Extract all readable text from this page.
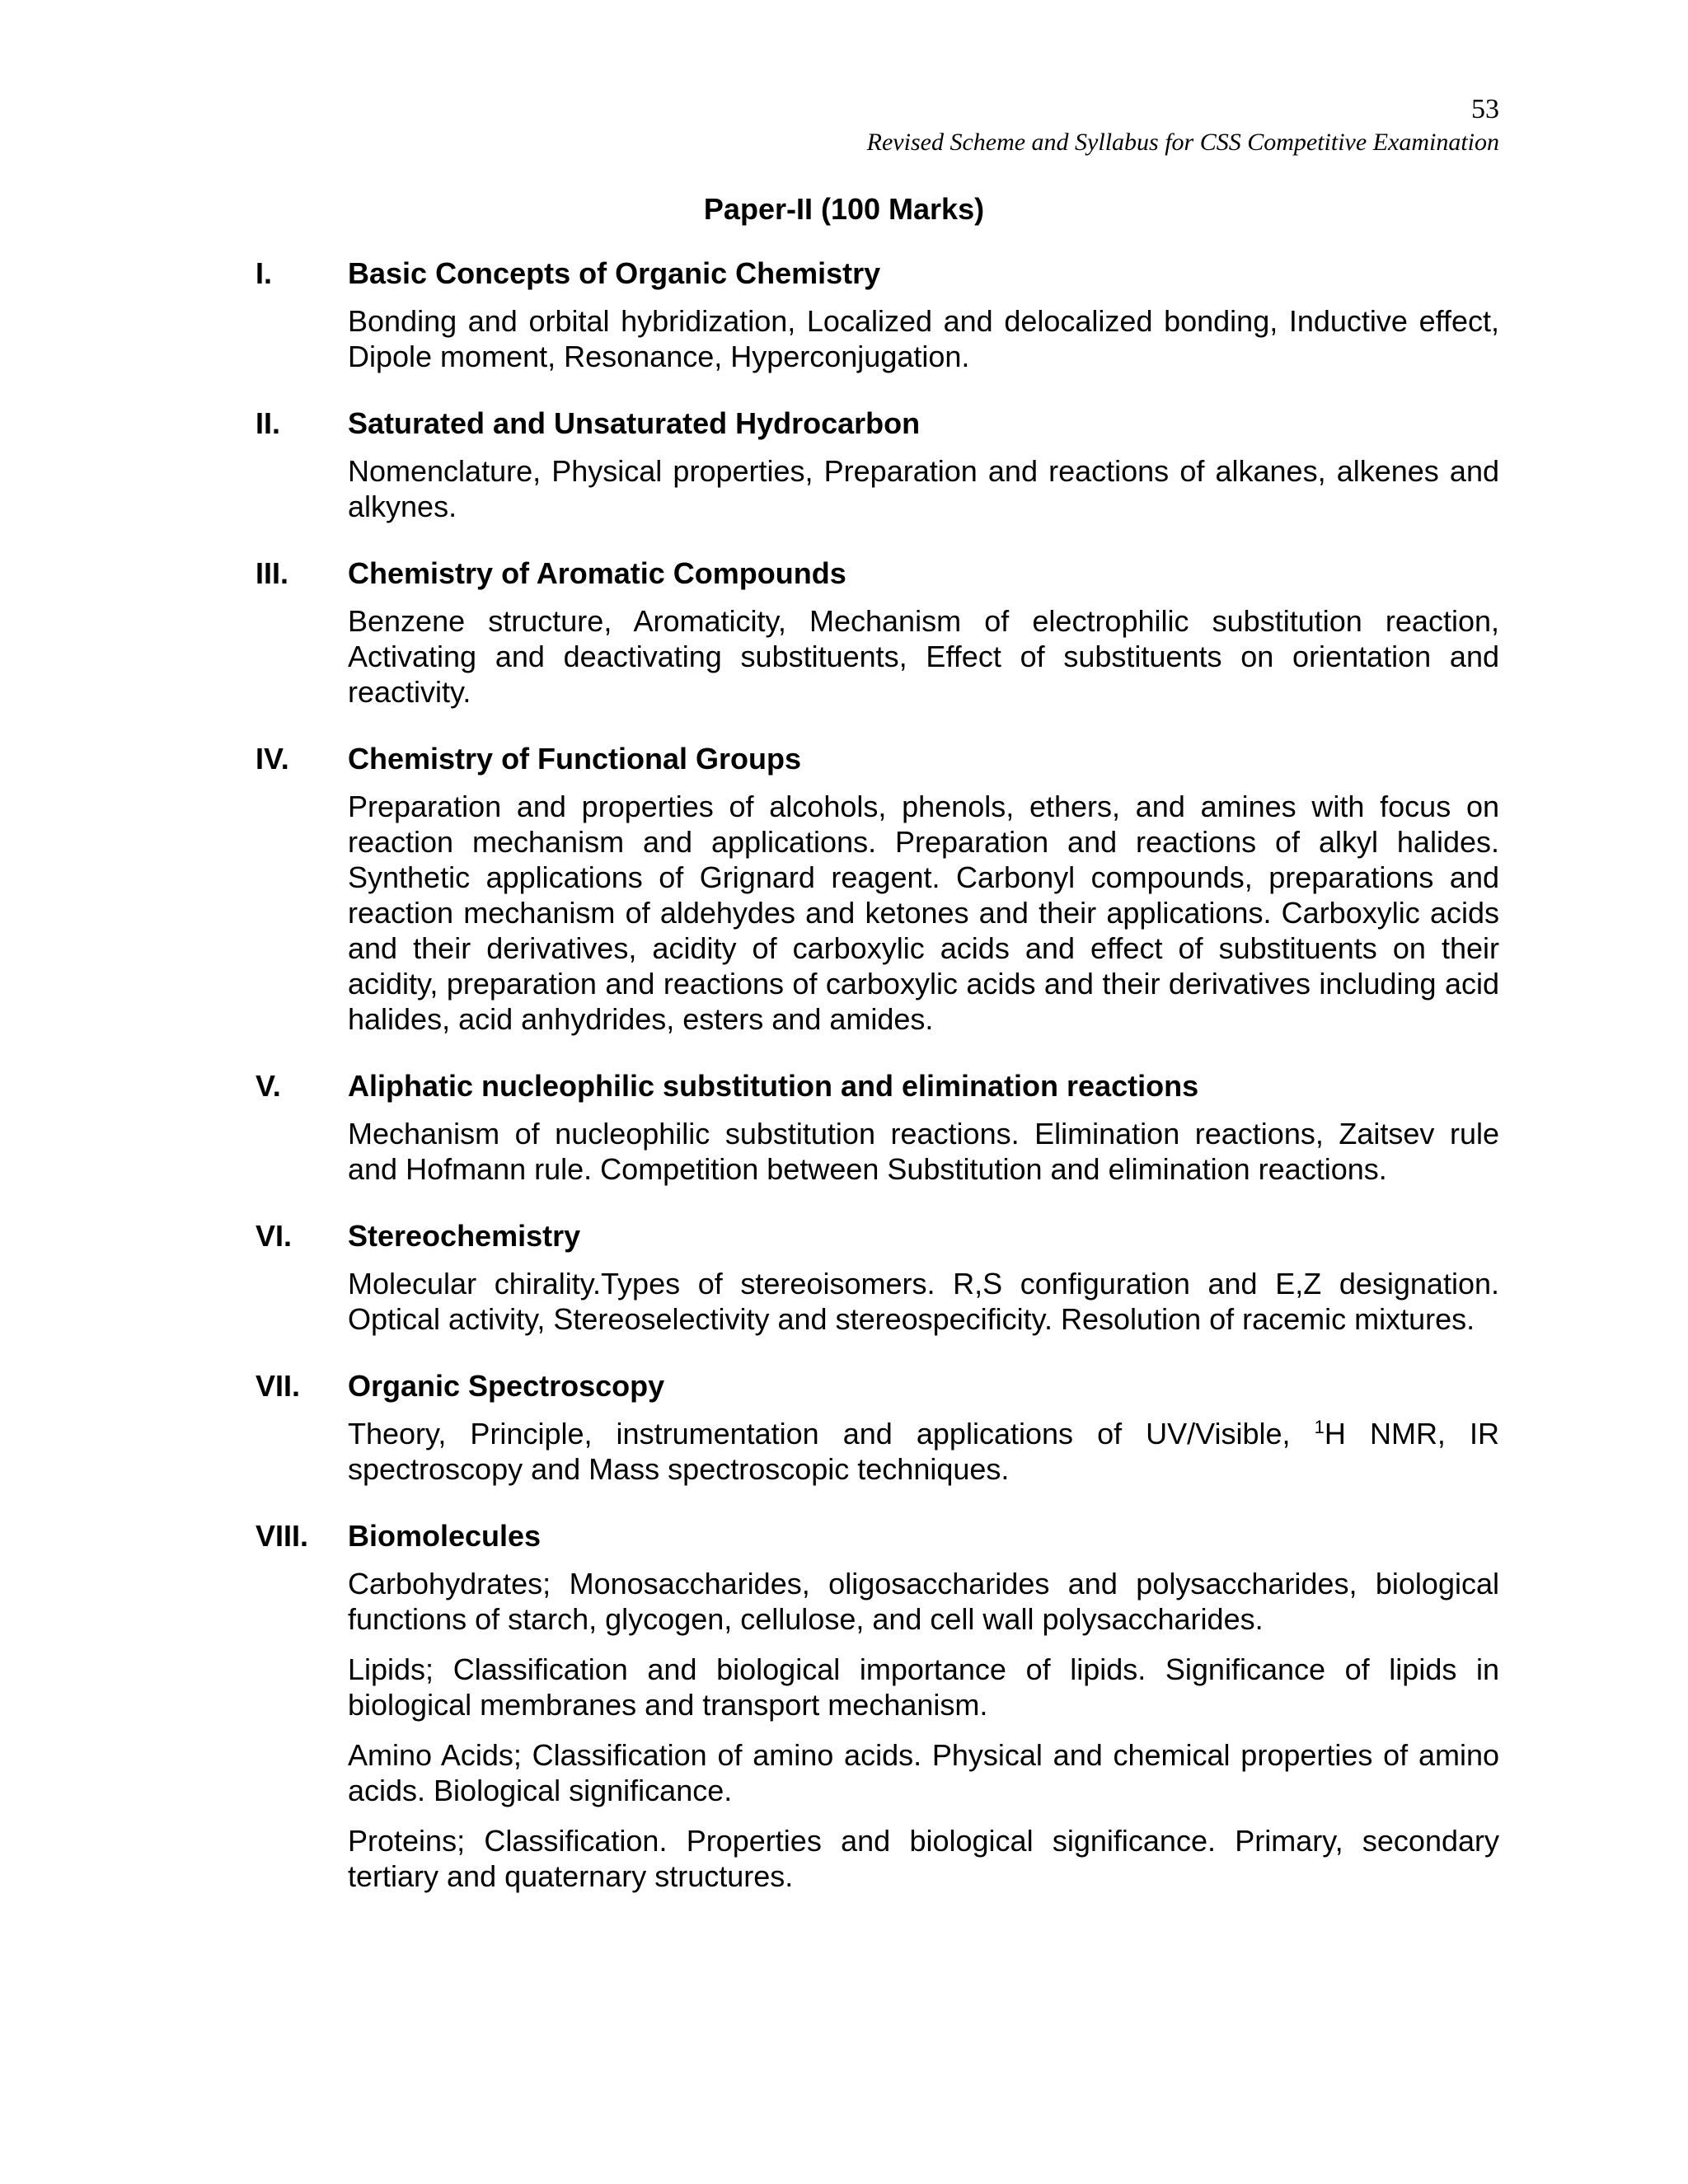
53
Revised Scheme and Syllabus for CSS Competitive Examination
Paper-II (100 Marks)
I.	Basic Concepts of Organic Chemistry

Bonding and orbital hybridization, Localized and delocalized bonding, Inductive effect, Dipole moment, Resonance, Hyperconjugation.

II. Saturated and Unsaturated Hydrocarbon

Nomenclature, Physical properties, Preparation and reactions of alkanes, alkenes and alkynes.

III. Chemistry of Aromatic Compounds

Benzene structure, Aromaticity, Mechanism of electrophilic substitution reaction, Activating and deactivating substituents, Effect of substituents on orientation and reactivity.

IV. Chemistry of Functional Groups

Preparation and properties of alcohols, phenols, ethers, and amines with focus on reaction mechanism and applications. Preparation and reactions of alkyl halides. Synthetic applications of Grignard reagent. Carbonyl compounds, preparations and reaction mechanism of aldehydes and ketones and their applications. Carboxylic acids and their derivatives, acidity of carboxylic acids and effect of substituents on their acidity, preparation and reactions of carboxylic acids and their derivatives including acid halides, acid anhydrides, esters and amides.

V. Aliphatic nucleophilic substitution and elimination reactions

Mechanism of nucleophilic substitution reactions. Elimination reactions, Zaitsev rule and Hofmann rule. Competition between Substitution and elimination reactions.

VI. Stereochemistry

Molecular chirality.Types of stereoisomers. R,S configuration and E,Z designation. Optical activity, Stereoselectivity and stereospecificity. Resolution of racemic mixtures.

VII. Organic Spectroscopy

Theory, Principle, instrumentation and applications of UV/Visible, $^1$H NMR, IR spectroscopy and Mass spectroscopic techniques.

VIII. Biomolecules

Carbohydrates; Monosaccharides, oligosaccharides and polysaccharides, biological functions of starch, glycogen, cellulose, and cell wall polysaccharides.

Lipids; Classification and biological importance of lipids. Significance of lipids in biological membranes and transport mechanism.

Amino Acids; Classification of amino acids. Physical and chemical properties of amino acids. Biological significance.

Proteins; Classification. Properties and biological significance. Primary, secondary tertiary and quaternary structures.
